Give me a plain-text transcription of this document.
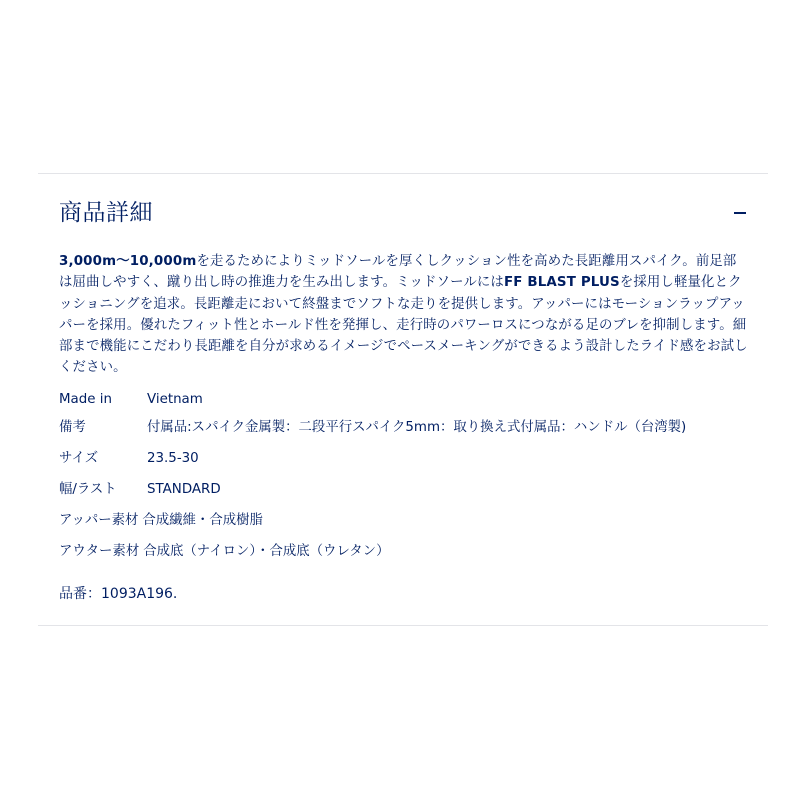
商品詳細

3,000m〜10,000mを走るためによりミッドソールを厚くしクッション性を高めた長距離用スパイク。前足部は屈曲しやすく、蹴り出し時の推進力を生み出します。ミッドソールにはFF BLAST PLUSを採用し軽量化とクッショニングを追求。長距離走において終盤までソフトな走りを提供します。アッパーにはモーションラップアッパーを採用。優れたフィット性とホールド性を発揮し、走行時のパワーロスにつながる足のブレを抑制します。細部まで機能にこだわり長距離を自分が求めるイメージでペースメーキングができるよう設計したライド感をお試しください。

Made in	Vietnam
備考	付属品:スパイク金属製：二段平行スパイク5mm：取り換え式付属品：ハンドル（台湾製)
サイズ	23.5-30
幅/ラスト STANDARD
アッパー素材 合成繊維・合成樹脂
アウター素材 合成底（ナイロン）・合成底（ウレタン）
品番：1093A196.
